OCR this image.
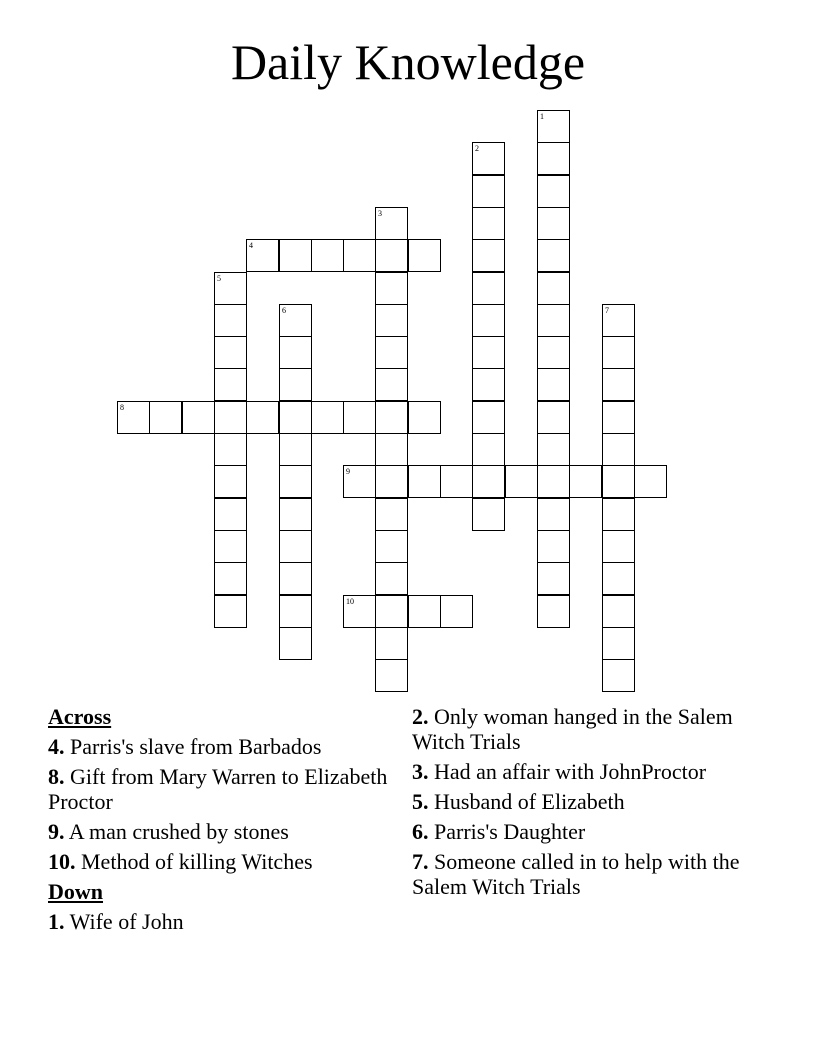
Daily Knowledge
1
2
3
4
5
6	7
8
9
10
Across
4. Parris's slave from Barbados
8. Gift from Mary Warren to Elizabeth Proctor
9. A man crushed by stones
10. Method of killing Witches
Down
1. Wife of John
2. Only woman hanged in the Salem Witch Trials
3. Had an affair with JohnProctor
5. Husband of Elizabeth
6. Parris's Daughter
7. Someone called in to help with the Salem Witch Trials
